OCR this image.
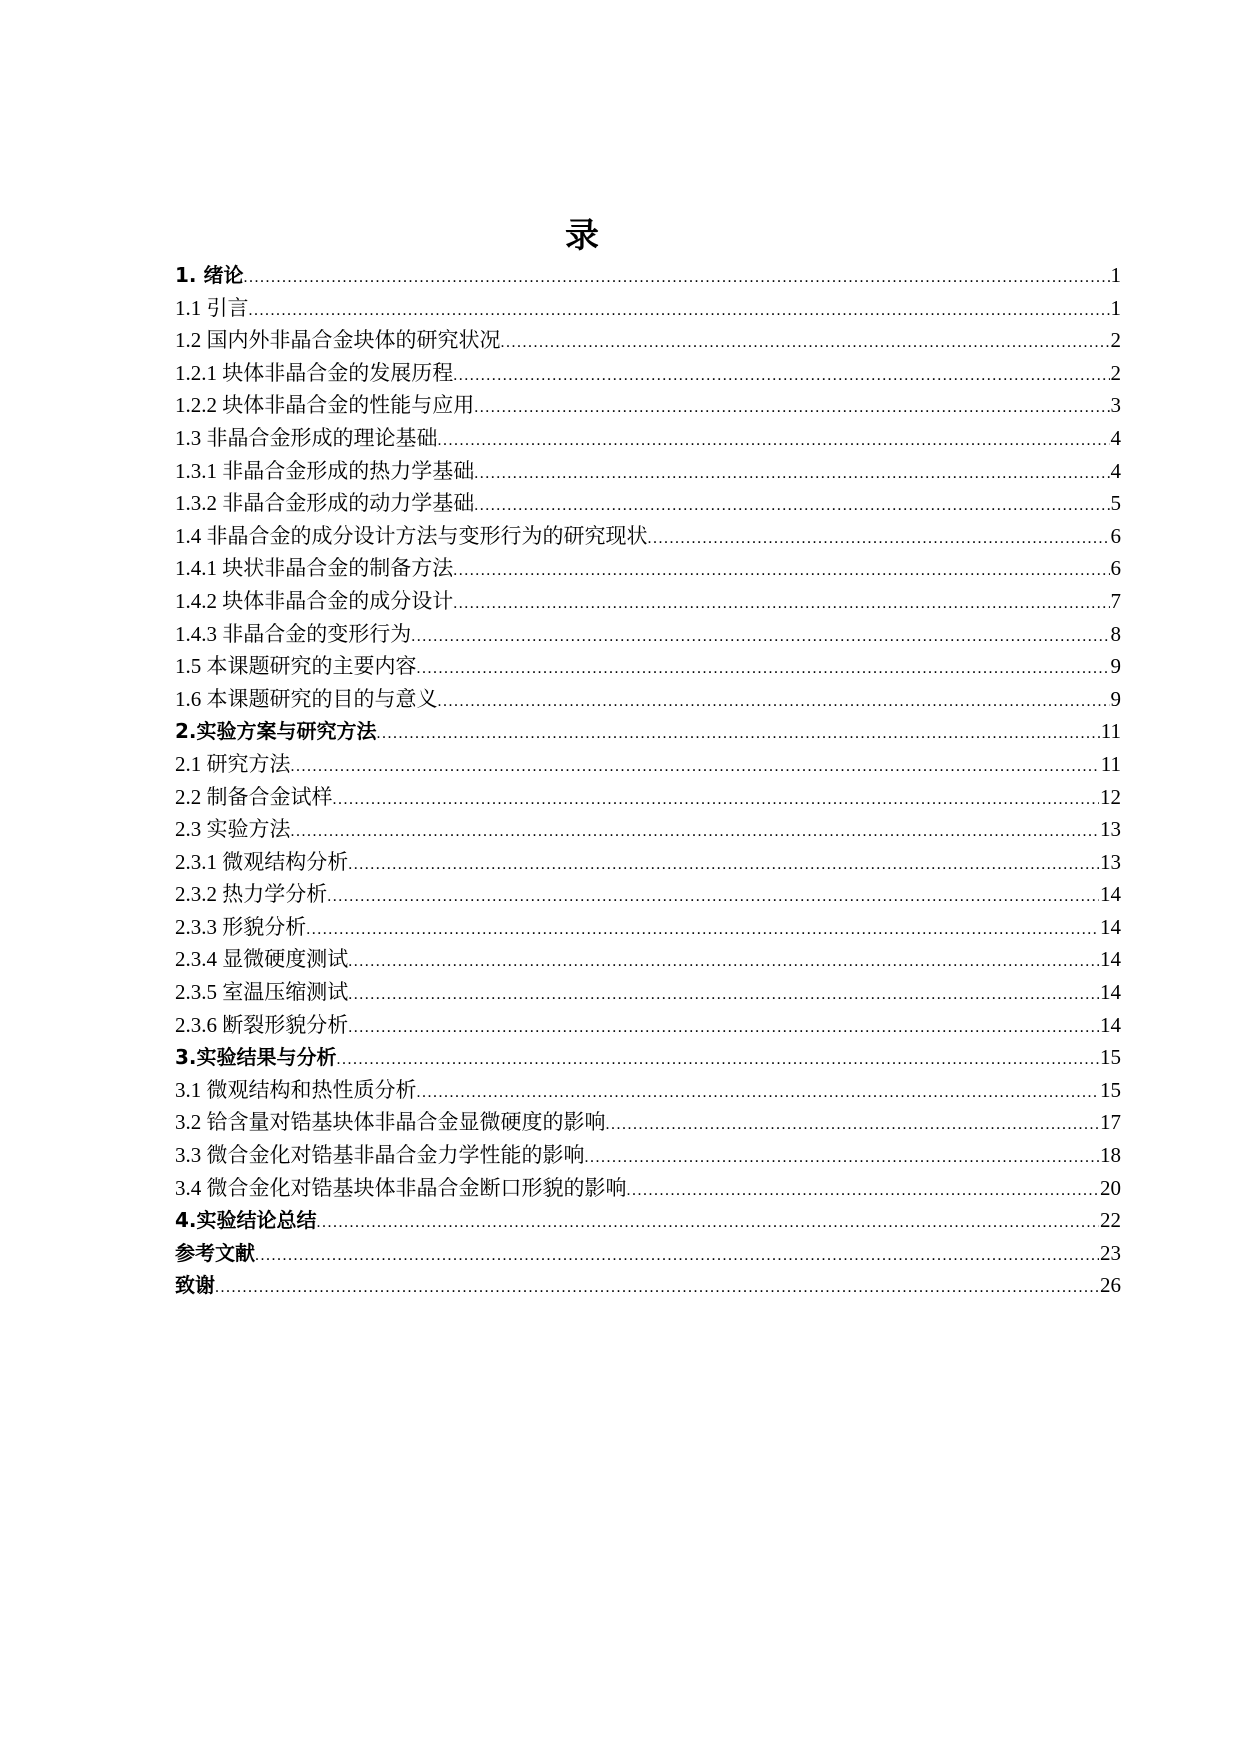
录
1. 绪论 .....	1
1.1 引言 .....	1
1.2 国内外非晶合金块体的研究状况 .....	2
1.2.1 块体非晶合金的发展历程 .....	2
1.2.2 块体非晶合金的性能与应用 .....	3
1.3 非晶合金形成的理论基础 .....	4
1.3.1 非晶合金形成的热力学基础 .....	4
1.3.2 非晶合金形成的动力学基础 .....	5
1.4 非晶合金的成分设计方法与变形行为的研究现状 .....	6
1.4.1 块状非晶合金的制备方法 .....	6
1.4.2 块体非晶合金的成分设计 .....	7
1.4.3 非晶合金的变形行为 .....	8
1.5 本课题研究的主要内容 .....	9
1.6 本课题研究的目的与意义 .....	9
2.实验方案与研究方法 .....	11
2.1 研究方法 .....	11
2.2 制备合金试样 .....	12
2.3 实验方法 .....	13
2.3.1 微观结构分析 .....	13
2.3.2 热力学分析 .....	14
2.3.3 形貌分析 .....	14
2.3.4 显微硬度测试 .....	14
2.3.5 室温压缩测试 .....	14
2.3.6 断裂形貌分析 .....	14
3.实验结果与分析 .....	15
3.1 微观结构和热性质分析 .....	15
3.2 铪含量对锆基块体非晶合金显微硬度的影响 .....	17
3.3 微合金化对锆基非晶合金力学性能的影响 .....	18
3.4 微合金化对锆基块体非晶合金断口形貌的影响 .....	20
4.实验结论总结 .....	22
参考文献 .....	23
致谢 .....	26
